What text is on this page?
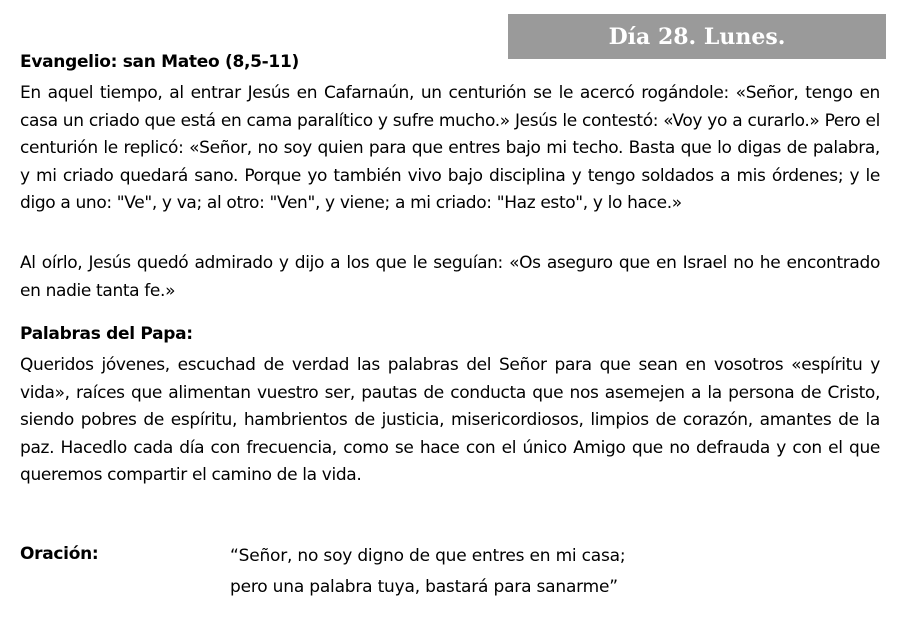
Día 28. Lunes.
Evangelio: san Mateo (8,5-11)

En aquel tiempo, al entrar Jesús en Cafarnaún, un centurión se le acercó rogándole: «Señor, tengo en casa un criado que está en cama paralítico y sufre mucho.» Jesús le contestó: «Voy yo a curarlo.» Pero el centurión le replicó: «Señor, no soy quien para que entres bajo mi techo. Basta que lo digas de palabra, y mi criado quedará sano. Porque yo también vivo bajo disciplina y tengo soldados a mis órdenes; y le digo a uno: "Ve", y va; al otro: "Ven", y viene; a mi criado: "Haz esto", y lo hace.»

Al oírlo, Jesús quedó admirado y dijo a los que le seguían: «Os aseguro que en Israel no he encontrado en nadie tanta fe.»

Palabras del Papa:

Queridos jóvenes, escuchad de verdad las palabras del Señor para que sean en vosotros «espíritu y vida», raíces que alimentan vuestro ser, pautas de conducta que nos asemejen a la persona de Cristo, siendo pobres de espíritu, hambrientos de justicia, misericordiosos, limpios de corazón, amantes de la paz. Hacedlo cada día con frecuencia, como se hace con el único Amigo que no defrauda y con el que queremos compartir el camino de la vida.

Oración:	“Señor, no soy digno de que entres en mi casa;
pero una palabra tuya, bastará para sanarme”
